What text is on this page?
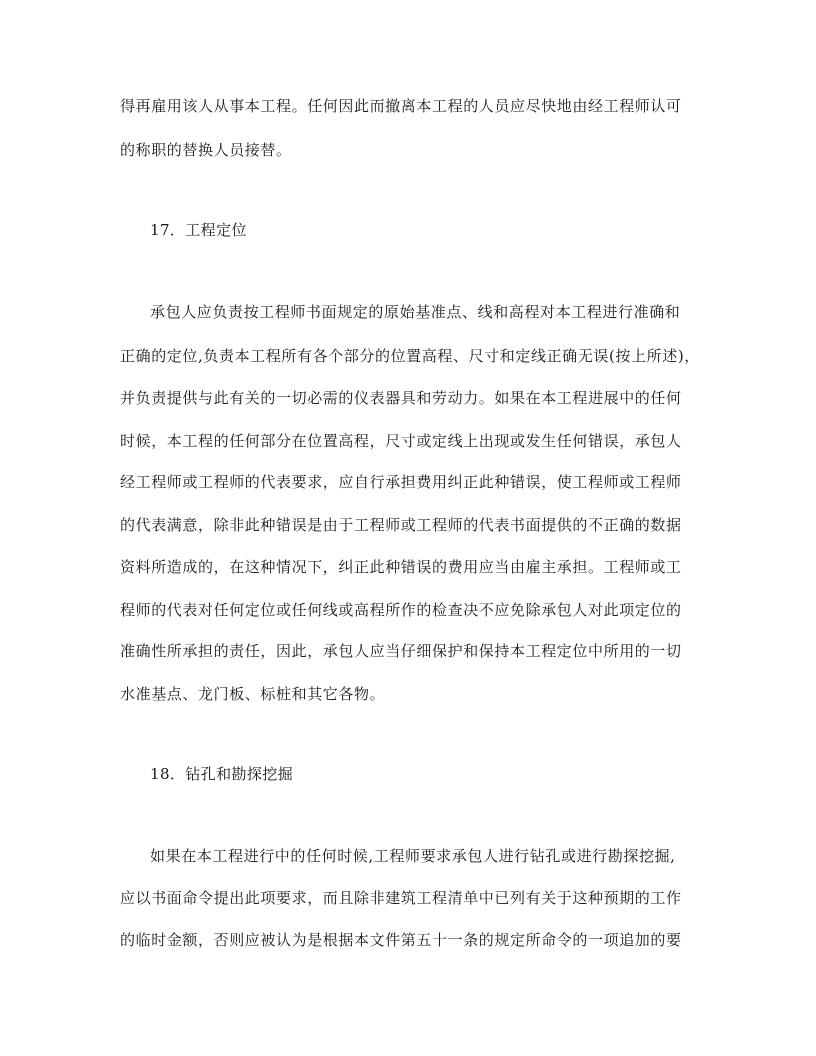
得再雇用该人从事本工程。任何因此而撤离本工程的人员应尽快地由经工程师认可
的称职的替换人员接替。
17．工程定位
承包人应负责按工程师书面规定的原始基准点、线和高程对本工程进行准确和
正确的定位,负责本工程所有各个部分的位置高程、尺寸和定线正确无误(按上所述)，
并负责提供与此有关的一切必需的仪表器具和劳动力。如果在本工程进展中的任何
时候，本工程的任何部分在位置高程，尺寸或定线上出现或发生任何错误，承包人
经工程师或工程师的代表要求，应自行承担费用纠正此种错误，使工程师或工程师
的代表满意，除非此种错误是由于工程师或工程师的代表书面提供的不正确的数据
资料所造成的，在这种情况下，纠正此种错误的费用应当由雇主承担。工程师或工
程师的代表对任何定位或任何线或高程所作的检查决不应免除承包人对此项定位的
准确性所承担的责任，因此，承包人应当仔细保护和保持本工程定位中所用的一切
水准基点、龙门板、标桩和其它各物。
18．钻孔和勘探挖掘
如果在本工程进行中的任何时候,工程师要求承包人进行钻孔或进行勘探挖掘,
应以书面命令提出此项要求，而且除非建筑工程清单中已列有关于这种预期的工作
的临时金额，否则应被认为是根据本文件第五十一条的规定所命令的一项追加的要
